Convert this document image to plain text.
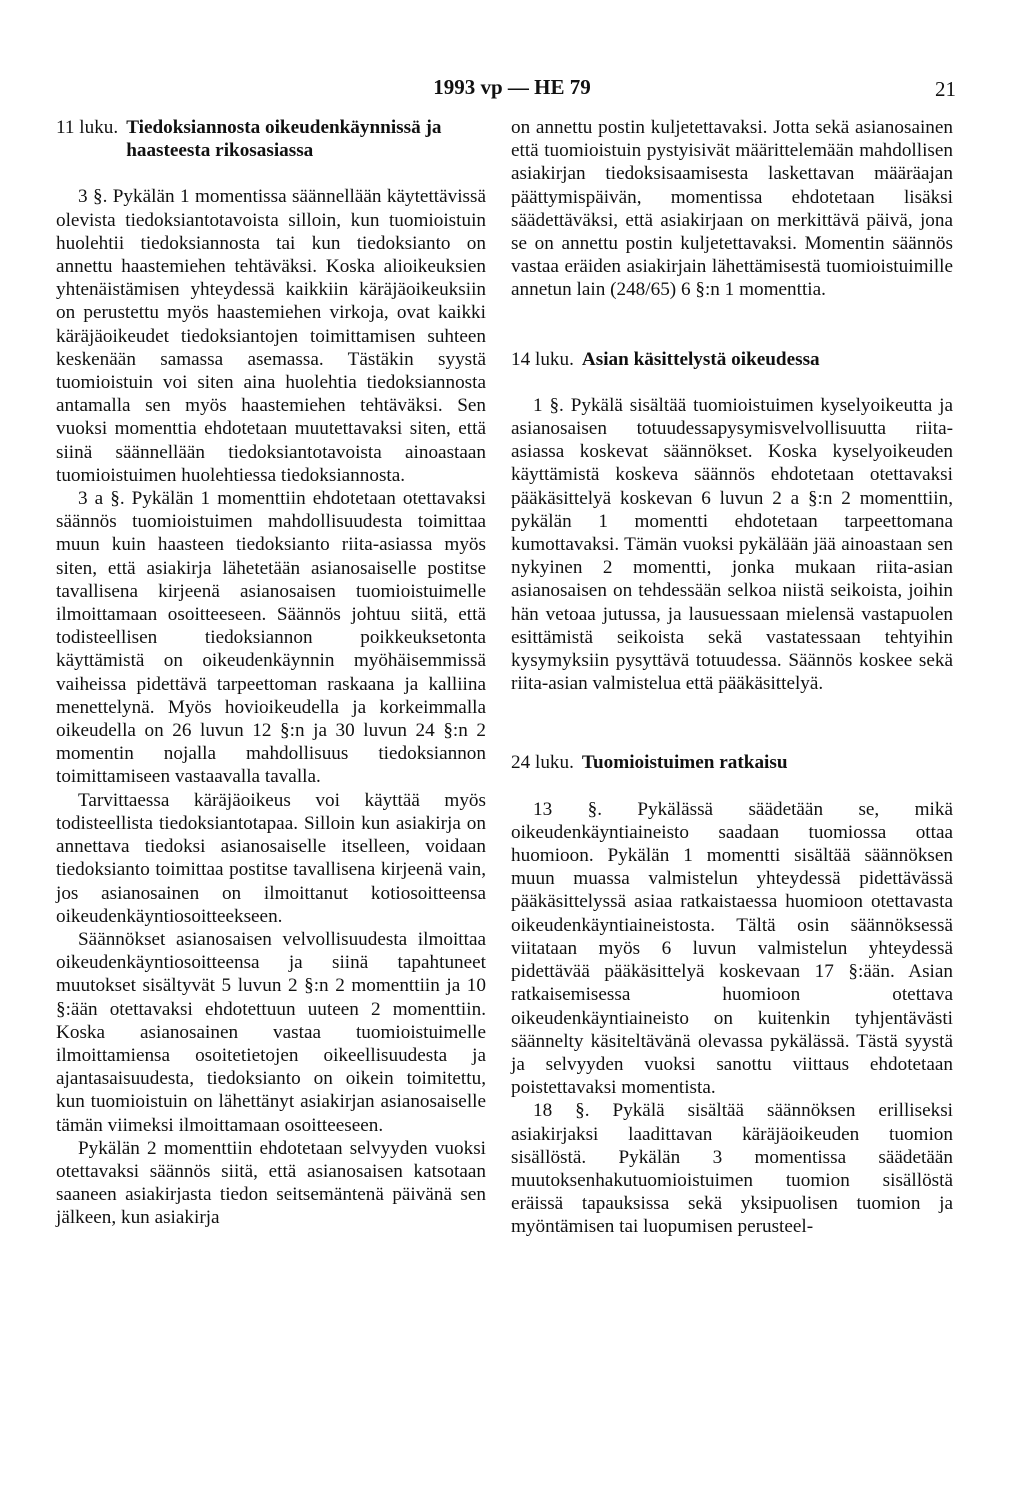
1993 vp — HE 79	21
11 luku. Tiedoksiannosta oikeudenkäynnissä ja haasteesta rikosasiassa

3 §. Pykälän 1 momentissa säännellään käytettävissä olevista tiedoksiantotavoista silloin, kun tuomioistuin huolehtii tiedoksiannosta tai kun tiedoksianto on annettu haastemiehen tehtäväksi. Koska alioikeuksien yhtenäistämisen yhteydessä kaikkiin käräjäoikeuksiin on perustettu myös haastemiehen virkoja, ovat kaikki käräjäoikeudet tiedoksiantojen toimittamisen suhteen keskenään samassa asemassa. Tästäkin syystä tuomioistuin voi siten aina huolehtia tiedoksiannosta antamalla sen myös haastemiehen tehtäväksi. Sen vuoksi momenttia ehdotetaan muutettavaksi siten, että siinä säännellään tiedoksiantotavoista ainoastaan tuomioistuimen huolehtiessa tiedoksiannosta.

3 a §. Pykälän 1 momenttiin ehdotetaan otettavaksi säännös tuomioistuimen mahdollisuudesta toimittaa muun kuin haasteen tiedoksianto riita-asiassa myös siten, että asiakirja lähetetään asianosaiselle postitse tavallisena kirjeenä asianosaisen tuomioistuimelle ilmoittamaan osoitteeseen. Säännös johtuu siitä, että todisteellisen tiedoksiannon poikkeuksetonta käyttämistä on oikeudenkäynnin myöhäisemmissä vaiheissa pidettävä tarpeettoman raskaana ja kalliina menettelynä. Myös hovioikeudella ja korkeimmalla oikeudella on 26 luvun 12 §:n ja 30 luvun 24 §:n 2 momentin nojalla mahdollisuus tiedoksiannon toimittamiseen vastaavalla tavalla.

Tarvittaessa käräjäoikeus voi käyttää myös todisteellista tiedoksiantotapaa. Silloin kun asiakirja on annettava tiedoksi asianosaiselle itselleen, voidaan tiedoksianto toimittaa postitse tavallisena kirjeenä vain, jos asianosainen on ilmoittanut kotiosoitteensa oikeudenkäyntiosoitteekseen.

Säännökset asianosaisen velvollisuudesta ilmoittaa oikeudenkäyntiosoitteensa ja siinä tapahtuneet muutokset sisältyvät 5 luvun 2 §:n 2 momenttiin ja 10 §:ään otettavaksi ehdotettuun uuteen 2 momenttiin. Koska asianosainen vastaa tuomioistuimelle ilmoittamiensa osoitetietojen oikeellisuudesta ja ajantasaisuudesta, tiedoksianto on oikein toimitettu, kun tuomioistuin on lähettänyt asiakirjan asianosaiselle tämän viimeksi ilmoittamaan osoitteeseen.

Pykälän 2 momenttiin ehdotetaan selvyyden vuoksi otettavaksi säännös siitä, että asianosaisen katsotaan saaneen asiakirjasta tiedon seitsemäntenä päivänä sen jälkeen, kun asiakirja

on annettu postin kuljetettavaksi. Jotta sekä asianosainen että tuomioistuin pystyisivät määrittelemään mahdollisen asiakirjan tiedoksisaamisesta laskettavan määräajan päättymispäivän, momentissa ehdotetaan lisäksi säädettäväksi, että asiakirjaan on merkittävä päivä, jona se on annettu postin kuljetettavaksi. Momentin säännös vastaa eräiden asiakirjain lähettämisestä tuomioistuimille annetun lain (248/65) 6 §:n 1 momenttia.

14 luku. Asian käsittelystä oikeudessa

1 §. Pykälä sisältää tuomioistuimen kyselyoikeutta ja asianosaisen totuudessapysymisvelvollisuutta riita-asiassa koskevat säännökset. Koska kyselyoikeuden käyttämistä koskeva säännös ehdotetaan otettavaksi pääkäsittelyä koskevan 6 luvun 2 a §:n 2 momenttiin, pykälän 1 momentti ehdotetaan tarpeettomana kumottavaksi. Tämän vuoksi pykälään jää ainoastaan sen nykyinen 2 momentti, jonka mukaan riita-asian asianosaisen on tehdessään selkoa niistä seikoista, joihin hän vetoaa jutussa, ja lausuessaan mielensä vastapuolen esittämistä seikoista sekä vastatessaan tehtyihin kysymyksiin pysyttävä totuudessa. Säännös koskee sekä riita-asian valmistelua että pääkäsittelyä.

24 luku. Tuomioistuimen ratkaisu

13 §. Pykälässä säädetään se, mikä oikeudenkäyntiaineisto saadaan tuomiossa ottaa huomioon. Pykälän 1 momentti sisältää säännöksen muun muassa valmistelun yhteydessä pidettävässä pääkäsittelyssä asiaa ratkaistaessa huomioon otettavasta oikeudenkäyntiaineistosta. Tältä osin säännöksessä viitataan myös 6 luvun valmistelun yhteydessä pidettävää pääkäsittelyä koskevaan 17 §:ään. Asian ratkaisemisessa huomioon otettava oikeudenkäyntiaineisto on kuitenkin tyhjentävästi säännelty käsiteltävänä olevassa pykälässä. Tästä syystä ja selvyyden vuoksi sanottu viittaus ehdotetaan poistettavaksi momentista.

18 §. Pykälä sisältää säännöksen erilliseksi asiakirjaksi laadittavan käräjäoikeuden tuomion sisällöstä. Pykälän 3 momentissa säädetään muutoksenhakutuomioistuimen tuomion sisällöstä eräissä tapauksissa sekä yksipuolisen tuomion ja myöntämisen tai luopumisen perusteel-
